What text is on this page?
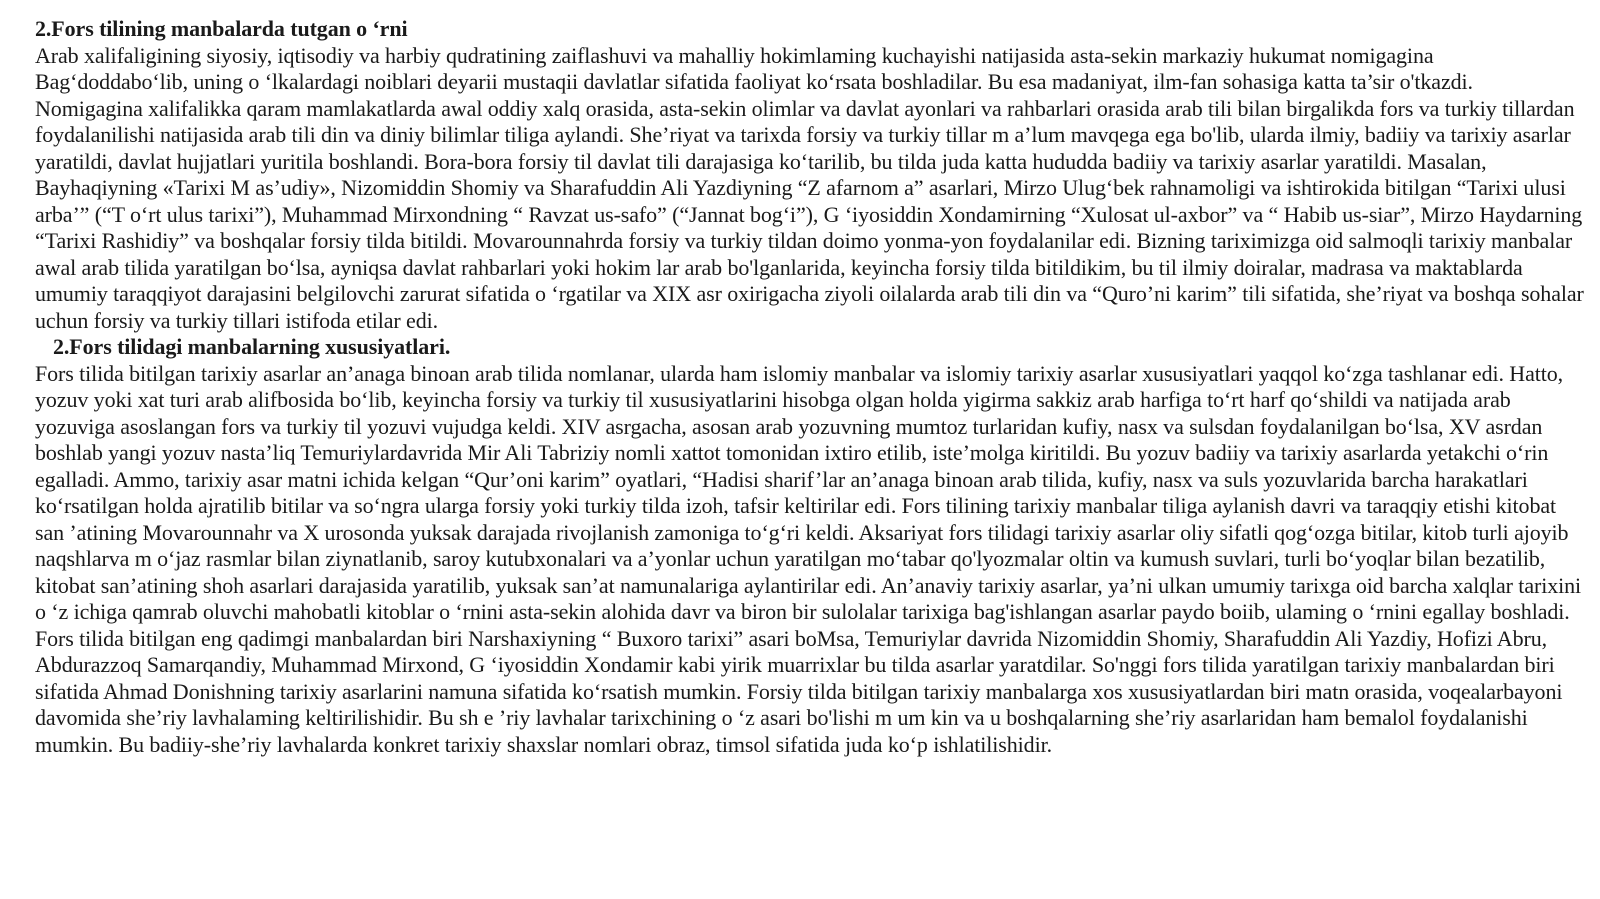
2.Fors tilining manbalarda tutgan o ‘rni
Arab xalifaligining siyosiy, iqtisodiy va harbiy qudratining zaiflashuvi va mahalliy hokimlaming kuchayishi natijasida asta-sekin markaziy hukumat nomigagina Bag‘doddabo‘lib, uning o ‘lkalardagi noiblari deyarii mustaqii davlatlar sifatida faoliyat ko‘rsata boshladilar. Bu esa madaniyat, ilm-fan sohasiga katta ta’sir o'tkazdi. Nomigagina xalifalikka qaram mamlakatlarda awal oddiy xalq orasida, asta-sekin olimlar va davlat ayonlari va rahbarlari orasida arab tili bilan birgalikda fors va turkiy tillardan foydalanilishi natijasida arab tili din va diniy bilimlar tiliga aylandi. She’riyat va tarixda forsiy va turkiy tillar m a’lum mavqega ega bo'lib, ularda ilmiy, badiiy va tarixiy asarlar yaratildi, davlat hujjatlari yuritila boshlandi. Bora-bora forsiy til davlat tili darajasiga ko‘tarilib, bu tilda juda katta hududda badiiy va tarixiy asarlar yaratildi. Masalan, Bayhaqiyning «Tarixi M as’udiy», Nizomiddin Shomiy va Sharafuddin Ali Yazdiyning “Z afarnom a” asarlari, Mirzo Ulug‘bek rahnamoligi va ishtirokida bitilgan “Tarixi ulusi arba’” (“T o‘rt ulus tarixi”), Muhammad Mirxondning “ Ravzat us-safo” (“Jannat bog‘i”), G ‘iyosiddin Xondamirning “Xulosat ul-axbor” va “ Habib us-siar”, Mirzo Haydarning “Tarixi Rashidiy” va boshqalar forsiy tilda bitildi. Movarounnahrda forsiy va turkiy tildan doimo yonma-yon foydalanilar edi. Bizning tariximizga oid salmoqli tarixiy manbalar awal arab tilida yaratilgan bo‘lsa, ayniqsa davlat rahbarlari yoki hokim lar arab bo'lganlarida, keyincha forsiy tilda bitildikim, bu til ilmiy doiralar, madrasa va maktablarda umumiy taraqqiyot darajasini belgilovchi zarurat sifatida o ‘rgatilar va XIX asr oxirigacha ziyoli oilalarda arab tili din va “Quro’ni karim” tili sifatida, she’riyat va boshqa sohalar uchun forsiy va turkiy tillari istifoda etilar edi.
2.Fors tilidagi manbalarning xususiyatlari.
Fors tilida bitilgan tarixiy asarlar an’anaga binoan arab tilida nomlanar, ularda ham islomiy manbalar va islomiy tarixiy asarlar xususiyatlari yaqqol ko‘zga tashlanar edi. Hatto, yozuv yoki xat turi arab alifbosida bo‘lib, keyincha forsiy va turkiy til xususiyatlarini hisobga olgan holda yigirma sakkiz arab harfiga to‘rt harf qo‘shildi va natijada arab yozuviga asoslangan fors va turkiy til yozuvi vujudga keldi. XIV asrgacha, asosan arab yozuvning mumtoz turlaridan kufiy, nasx va sulsdan foydalanilgan bo‘lsa, XV asrdan boshlab yangi yozuv nasta’liq Temuriylardavrida Mir Ali Tabriziy nomli xattot tomonidan ixtiro etilib, iste’molga kiritildi. Bu yozuv badiiy va tarixiy asarlarda yetakchi o‘rin egalladi. Ammo, tarixiy asar matni ichida kelgan “Qur’oni karim” oyatlari, “Hadisi sharif’lar an’anaga binoan arab tilida, kufiy, nasx va suls yozuvlarida barcha harakatlari ko‘rsatilgan holda ajratilib bitilar va so‘ngra ularga forsiy yoki turkiy tilda izoh, tafsir keltirilar edi. Fors tilining tarixiy manbalar tiliga aylanish davri va taraqqiy etishi kitobat san ’atining Movarounnahr va X urosonda yuksak darajada rivojlanish zamoniga to‘g‘ri keldi. Aksariyat fors tilidagi tarixiy asarlar oliy sifatli qog‘ozga bitilar, kitob turli ajoyib naqshlarva m o‘jaz rasmlar bilan ziynatlanib, saroy kutubxonalari va a’yonlar uchun yaratilgan mo‘tabar qo'lyozmalar oltin va kumush suvlari, turli bo‘yoqlar bilan bezatilib, kitobat san’atining shoh asarlari darajasida yaratilib, yuksak san’at namunalariga aylantirilar edi. An’anaviy tarixiy asarlar, ya’ni ulkan umumiy tarixga oid barcha xalqlar tarixini o ‘z ichiga qamrab oluvchi mahobatli kitoblar o ‘rnini asta-sekin alohida davr va biron bir sulolalar tarixiga bag'ishlangan asarlar paydo boiib, ulaming o ‘rnini egallay boshladi. Fors tilida bitilgan eng qadimgi manbalardan biri Narshaxiyning “ Buxoro tarixi” asari boMsa, Temuriylar davrida Nizomiddin Shomiy, Sharafuddin Ali Yazdiy, Hofizi Abru, Abdurazzoq Samarqandiy, Muhammad Mirxond, G ‘iyosiddin Xondamir kabi yirik muarrixlar bu tilda asarlar yaratdilar. So'nggi fors tilida yaratilgan tarixiy manbalardan biri sifatida Ahmad Donishning tarixiy asarlarini namuna sifatida ko‘rsatish mumkin. Forsiy tilda bitilgan tarixiy manbalarga xos xususiyatlardan biri matn orasida, voqealarbayoni davomida she’riy lavhalaming keltirilishidir. Bu sh e ’riy lavhalar tarixchining o ‘z asari bo'lishi m um kin va u boshqalarning she’riy asarlaridan ham bemalol foydalanishi mumkin. Bu badiiy-she’riy lavhalarda konkret tarixiy shaxslar nomlari obraz, timsol sifatida juda ko‘p ishlatilishidir.
